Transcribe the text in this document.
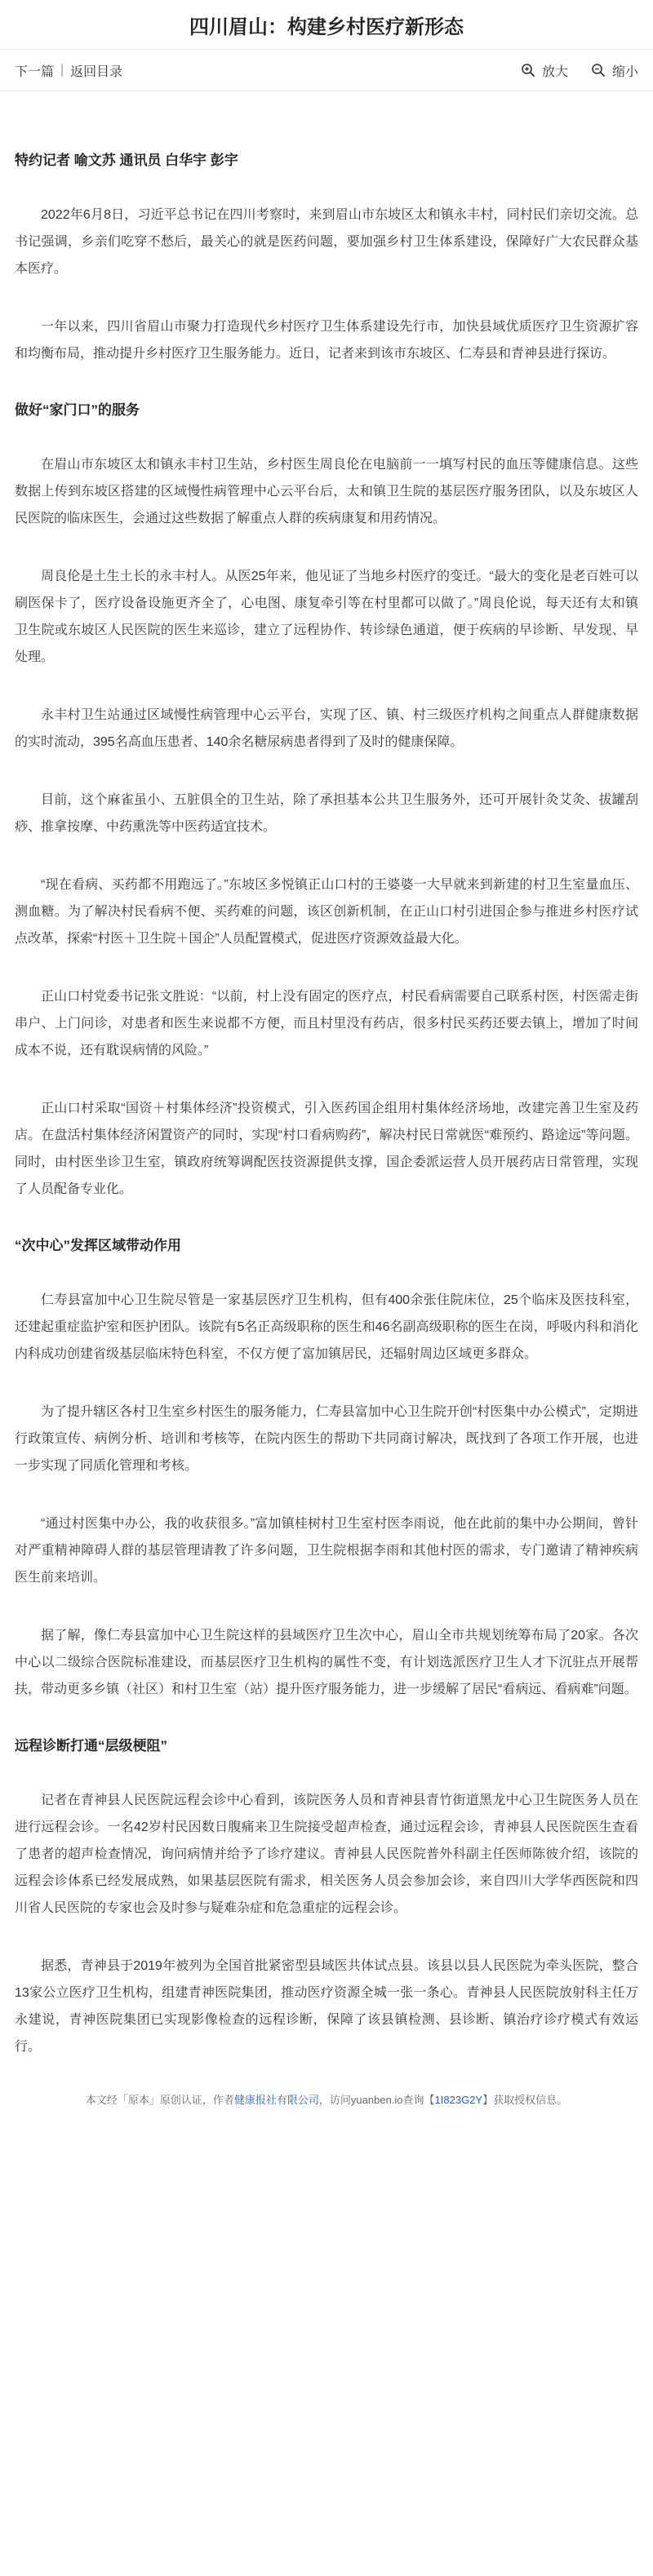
四川眉山：构建乡村医疗新形态
下一篇 | 返回目录	放大	缩小
特约记者 喻文苏 通讯员 白华宇 彭宇
2022年6月8日，习近平总书记在四川考察时，来到眉山市东坡区太和镇永丰村，同村民们亲切交流。总书记强调，乡亲们吃穿不愁后，最关心的就是医药问题，要加强乡村卫生体系建设，保障好广大农民群众基本医疗。
一年以来，四川省眉山市聚力打造现代乡村医疗卫生体系建设先行市，加快县域优质医疗卫生资源扩容和均衡布局，推动提升乡村医疗卫生服务能力。近日，记者来到该市东坡区、仁寿县和青神县进行探访。
做好“家门口”的服务
在眉山市东坡区太和镇永丰村卫生站，乡村医生周良伦在电脑前一一填写村民的血压等健康信息。这些数据上传到东坡区搭建的区域慢性病管理中心云平台后，太和镇卫生院的基层医疗服务团队，以及东坡区人民医院的临床医生，会通过这些数据了解重点人群的疾病康复和用药情况。
周良伦是土生土长的永丰村人。从医25年来，他见证了当地乡村医疗的变迁。“最大的变化是老百姓可以刷医保卡了，医疗设备设施更齐全了，心电图、康复牵引等在村里都可以做了。”周良伦说，每天还有太和镇卫生院或东坡区人民医院的医生来巡诊，建立了远程协作、转诊绿色通道，便于疾病的早诊断、早发现、早处理。
永丰村卫生站通过区域慢性病管理中心云平台，实现了区、镇、村三级医疗机构之间重点人群健康数据的实时流动，395名高血压患者、140余名糖尿病患者得到了及时的健康保障。
目前，这个麻雀虽小、五脏俱全的卫生站，除了承担基本公共卫生服务外，还可开展针灸艾灸、拔罐刮痧、推拿按摩、中药熏洗等中医药适宜技术。
“现在看病、买药都不用跑远了。”东坡区多悦镇正山口村的王婆婆一大早就来到新建的村卫生室量血压、测血糖。为了解决村民看病不便、买药难的问题，该区创新机制，在正山口村引进国企参与推进乡村医疗试点改革，探索“村医＋卫生院＋国企”人员配置模式，促进医疗资源效益最大化。
正山口村党委书记张文胜说：“以前，村上没有固定的医疗点，村民看病需要自己联系村医，村医需走街串户、上门问诊，对患者和医生来说都不方便，而且村里没有药店，很多村民买药还要去镇上，增加了时间成本不说，还有耽误病情的风险。”
正山口村采取“国资＋村集体经济”投资模式，引入医药国企组用村集体经济场地，改建完善卫生室及药店。在盘活村集体经济闲置资产的同时，实现“村口看病购药”，解决村民日常就医“难预约、路途远”等问题。同时，由村医坐诊卫生室，镇政府统筹调配医技资源提供支撑，国企委派运营人员开展药店日常管理，实现了人员配备专业化。
“次中心”发挥区域带动作用
仁寿县富加中心卫生院尽管是一家基层医疗卫生机构，但有400余张住院床位，25个临床及医技科室，还建起重症监护室和医护团队。该院有5名正高级职称的医生和46名副高级职称的医生在岗，呼吸内科和消化内科成功创建省级基层临床特色科室，不仅方便了富加镇居民，还辐射周边区域更多群众。
为了提升辖区各村卫生室乡村医生的服务能力，仁寿县富加中心卫生院开创“村医集中办公模式”，定期进行政策宣传、病例分析、培训和考核等，在院内医生的帮助下共同商讨解决，既找到了各项工作开展，也进一步实现了同质化管理和考核。
“通过村医集中办公，我的收获很多。”富加镇桂树村卫生室村医李雨说，他在此前的集中办公期间，曾针对严重精神障碍人群的基层管理请教了许多问题，卫生院根据李雨和其他村医的需求，专门邀请了精神疾病医生前来培训。
据了解，像仁寿县富加中心卫生院这样的县域医疗卫生次中心，眉山全市共规划统筹布局了20家。各次中心以二级综合医院标准建设，而基层医疗卫生机构的属性不变，有计划选派医疗卫生人才下沉驻点开展帮扶，带动更多乡镇（社区）和村卫生室（站）提升医疗服务能力，进一步缓解了居民“看病远、看病难”问题。
远程诊断打通“层级梗阻”
记者在青神县人民医院远程会诊中心看到，该院医务人员和青神县青竹街道黑龙中心卫生院医务人员在进行远程会诊。一名42岁村民因数日腹痛来卫生院接受超声检查，通过远程会诊，青神县人民医院医生查看了患者的超声检查情况，询问病情并给予了诊疗建议。青神县人民医院普外科副主任医师陈彼介绍，该院的远程会诊体系已经发展成熟，如果基层医院有需求，相关医务人员会参加会诊，来自四川大学华西医院和四川省人民医院的专家也会及时参与疑难杂症和危急重症的远程会诊。
据悉，青神县于2019年被列为全国首批紧密型县域医共体试点县。该县以县人民医院为牵头医院，整合13家公立医疗卫生机构，组建青神医院集团，推动医疗资源全城一张一条心。青神县人民医院放射科主任万永建说，青神医院集团已实现影像检查的远程诊断，保障了该县镇检测、县诊断、镇治疗诊疗模式有效运行。
本文经「原本」原创认证，作者健康报社有限公司，访问yuanben.io查询【1I823G2Y】获取授权信息。
